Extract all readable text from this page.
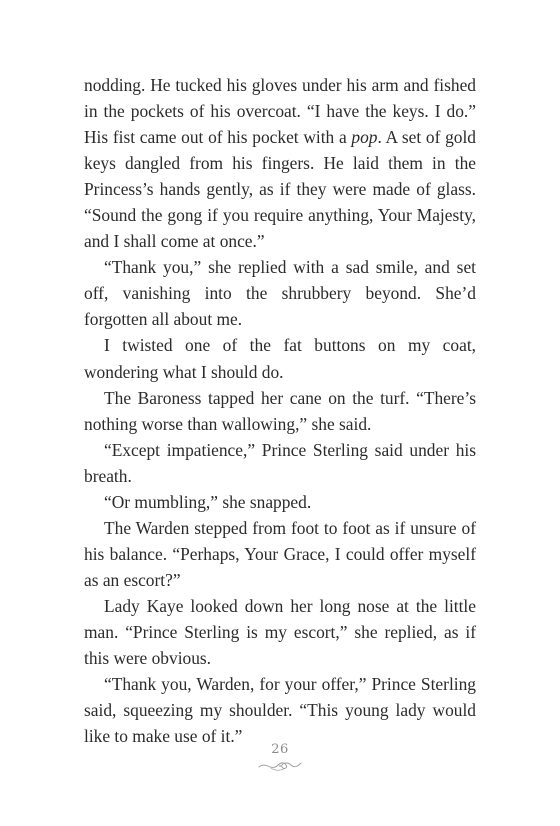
nodding. He tucked his gloves under his arm and fished in the pockets of his overcoat. “I have the keys. I do.” His fist came out of his pocket with a pop. A set of gold keys dangled from his fingers. He laid them in the Princess’s hands gently, as if they were made of glass. “Sound the gong if you require anything, Your Majesty, and I shall come at once.”

“Thank you,” she replied with a sad smile, and set off, vanishing into the shrubbery beyond. She’d forgotten all about me.

I twisted one of the fat buttons on my coat, wondering what I should do.

The Baroness tapped her cane on the turf. “There’s nothing worse than wallowing,” she said.

“Except impatience,” Prince Sterling said under his breath.

“Or mumbling,” she snapped.

The Warden stepped from foot to foot as if unsure of his balance. “Perhaps, Your Grace, I could offer myself as an escort?”

Lady Kaye looked down her long nose at the little man. “Prince Sterling is my escort,” she replied, as if this were obvious.

“Thank you, Warden, for your offer,” Prince Sterling said, squeezing my shoulder. “This young lady would like to make use of it.”

26
